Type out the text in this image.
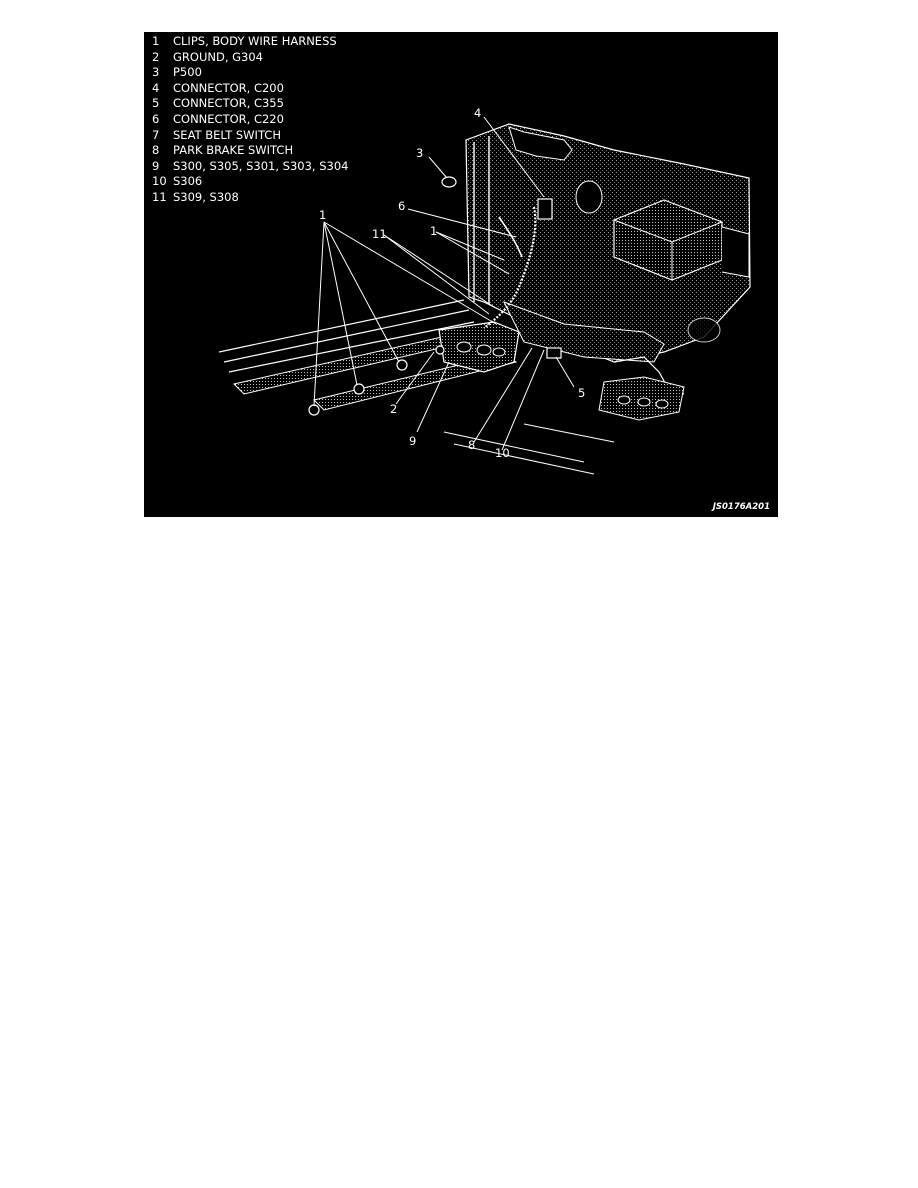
1	CLIPS, BODY WIRE HARNESS
2	GROUND, G304
3	P500
4	CONNECTOR, C200
5	CONNECTOR, C355
6	CONNECTOR, C220
7	SEAT BELT SWITCH
8	PARK BRAKE SWITCH
9	S300, S305, S301, S303, S304
10 S306
11 S309, S308
1
1
2
3
4
5
6
8
9
10
11
JS0176A201
